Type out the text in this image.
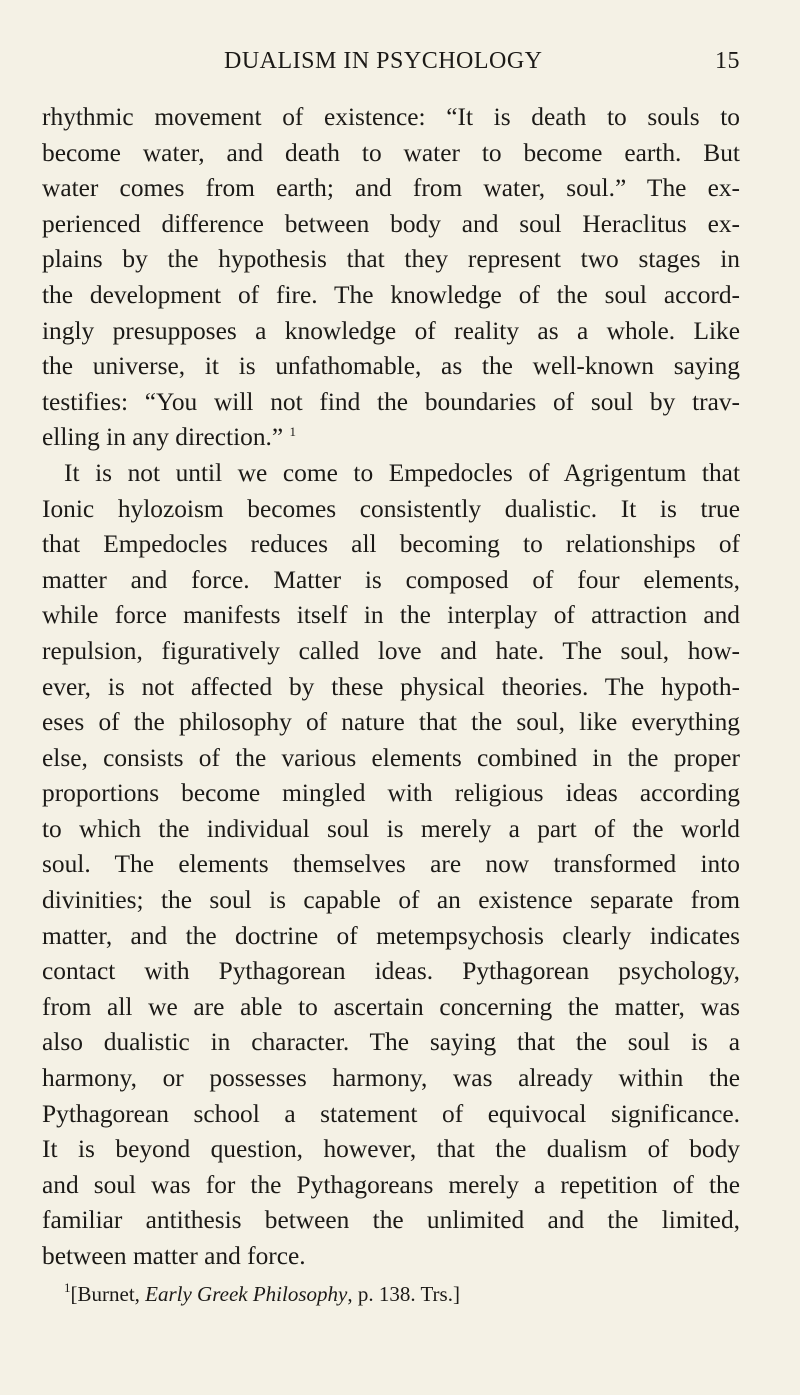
DUALISM IN PSYCHOLOGY	15
rhythmic movement of existence: “It is death to souls to
become water, and death to water to become earth. But
water comes from earth; and from water, soul.” The ex-
perienced difference between body and soul Heraclitus ex-
plains by the hypothesis that they represent two stages in
the development of fire. The knowledge of the soul accord-
ingly presupposes a knowledge of reality as a whole. Like
the universe, it is unfathomable, as the well-known saying
testifies: “You will not find the boundaries of soul by trav-
elling in any direction.” $^1$
It is not until we come to Empedocles of Agrigentum that
Ionic hylozoism becomes consistently dualistic. It is true
that Empedocles reduces all becoming to relationships of
matter and force. Matter is composed of four elements,
while force manifests itself in the interplay of attraction and
repulsion, figuratively called love and hate. The soul, how-
ever, is not affected by these physical theories. The hypoth-
eses of the philosophy of nature that the soul, like everything
else, consists of the various elements combined in the proper
proportions become mingled with religious ideas according
to which the individual soul is merely a part of the world
soul. The elements themselves are now transformed into
divinities; the soul is capable of an existence separate from
matter, and the doctrine of metempsychosis clearly indicates
contact with Pythagorean ideas. Pythagorean psychology,
from all we are able to ascertain concerning the matter, was
also dualistic in character. The saying that the soul is a
harmony, or possesses harmony, was already within the
Pythagorean school a statement of equivocal significance.
It is beyond question, however, that the dualism of body
and soul was for the Pythagoreans merely a repetition of the
familiar antithesis between the unlimited and the limited,
between matter and force.
$^1$[Burnet, Early Greek Philosophy, p. 138. Trs.]
